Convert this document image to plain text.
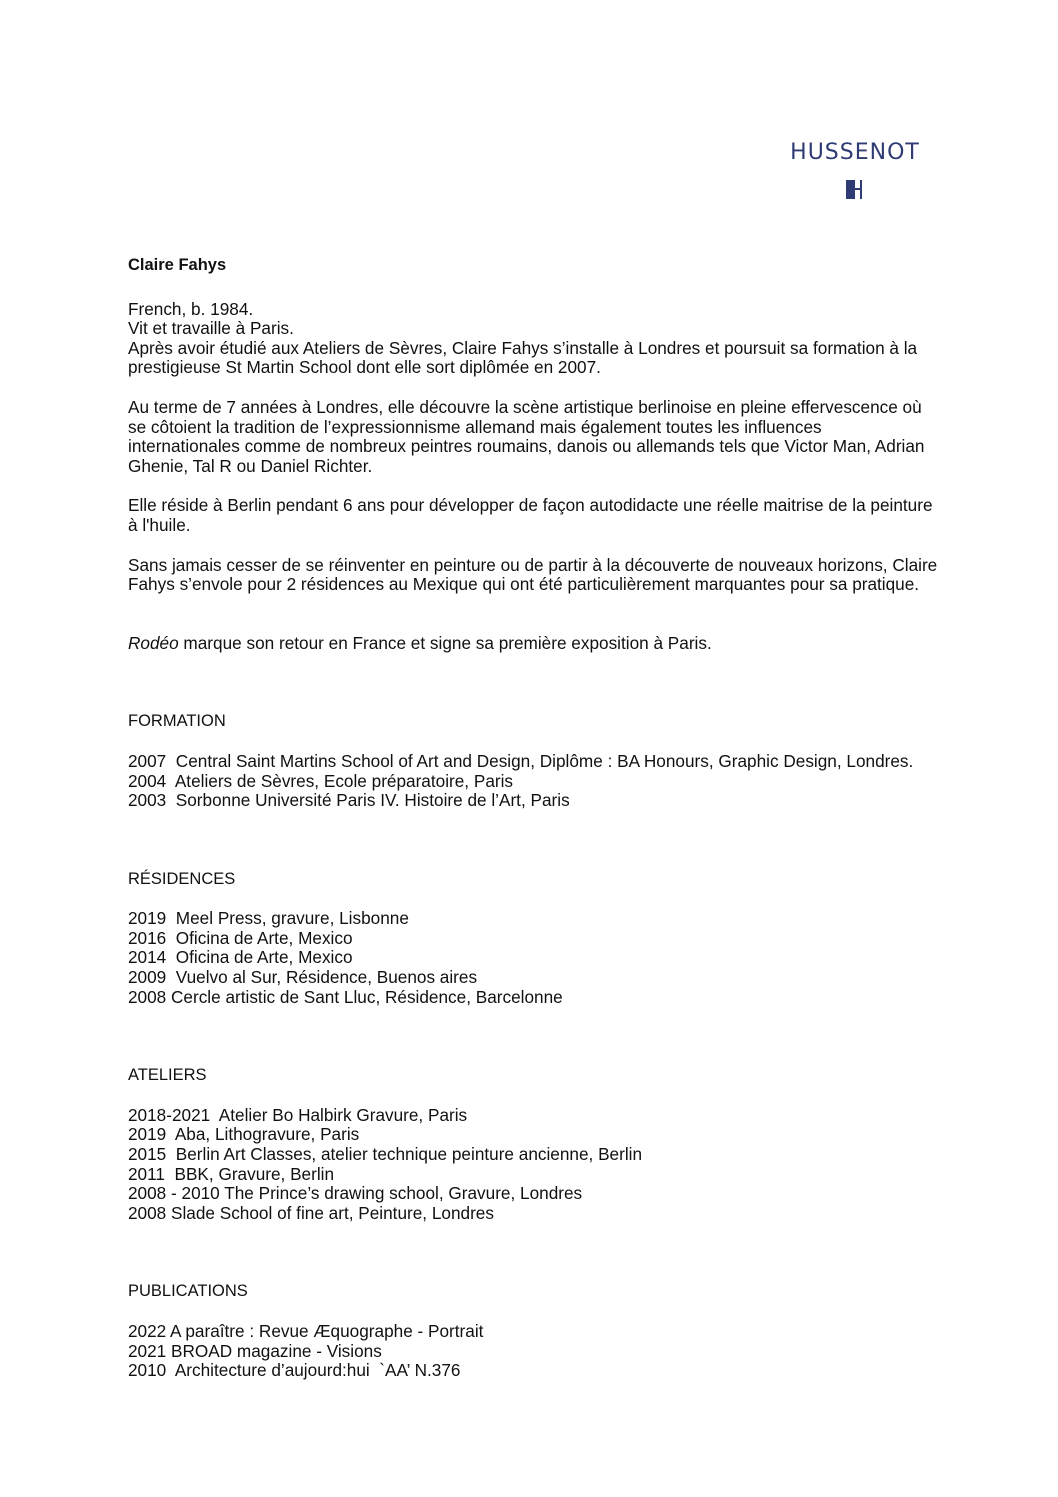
HUSSENOT

Claire Fahys

French, b. 1984.

Vit et travaille à Paris.

Après avoir étudié aux Ateliers de Sèvres, Claire Fahys s’installe à Londres et poursuit sa formation à la prestigieuse St Martin School dont elle sort diplômée en 2007.

Au terme de 7 années à Londres, elle découvre la scène artistique berlinoise en pleine effervescence où se côtoient la tradition de l’expressionnisme allemand mais également toutes les influences internationales comme de nombreux peintres roumains, danois ou allemands tels que Victor Man, Adrian Ghenie, Tal R ou Daniel Richter.

Elle réside à Berlin pendant 6 ans pour développer de façon autodidacte une réelle maitrise de la peinture à l'huile.

Sans jamais cesser de se réinventer en peinture ou de partir à la découverte de nouveaux horizons, Claire Fahys s’envole pour 2 résidences au Mexique qui ont été particulièrement marquantes pour sa pratique.

Rodéo marque son retour en France et signe sa première exposition à Paris.

FORMATION

2007  Central Saint Martins School of Art and Design, Diplôme : BA Honours, Graphic Design, Londres.

2004  Ateliers de Sèvres, Ecole préparatoire, Paris

2003  Sorbonne Université Paris IV. Histoire de l’Art, Paris

RÉSIDENCES

2019  Meel Press, gravure, Lisbonne

2016  Oficina de Arte, Mexico

2014  Oficina de Arte, Mexico

2009  Vuelvo al Sur, Résidence, Buenos aires

2008 Cercle artistic de Sant Lluc, Résidence, Barcelonne

ATELIERS

2018-2021  Atelier Bo Halbirk Gravure, Paris

2019  Aba, Lithogravure, Paris

2015  Berlin Art Classes, atelier technique peinture ancienne, Berlin

2011  BBK, Gravure, Berlin

2008 - 2010 The Prince’s drawing school, Gravure, Londres

2008 Slade School of fine art, Peinture, Londres

PUBLICATIONS

2022 A paraître : Revue Æquographe - Portrait

2021 BROAD magazine - Visions

2010  Architecture d’aujourd:hui  `AA’ N.376
